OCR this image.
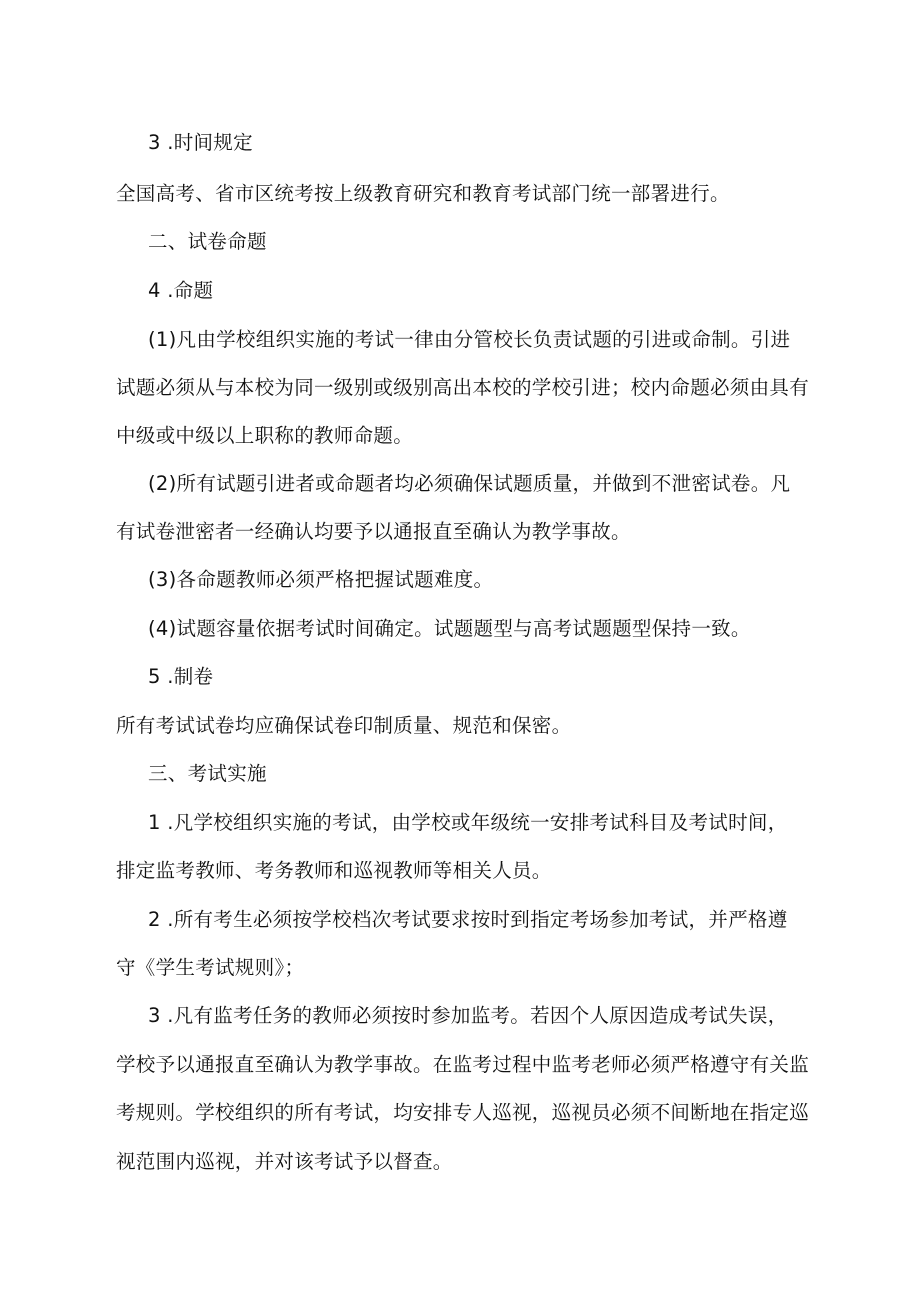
3 .时间规定
全国高考、省市区统考按上级教育研究和教育考试部门统一部署进行。
二、试卷命题
4 .命题
(1)凡由学校组织实施的考试一律由分管校长负责试题的引进或命制。引进
试题必须从与本校为同一级别或级别高出本校的学校引进；校内命题必须由具有
中级或中级以上职称的教师命题。
(2)所有试题引进者或命题者均必须确保试题质量，并做到不泄密试卷。凡
有试卷泄密者一经确认均要予以通报直至确认为教学事故。
(3)各命题教师必须严格把握试题难度。
(4)试题容量依据考试时间确定。试题题型与高考试题题型保持一致。
5 .制卷
所有考试试卷均应确保试卷印制质量、规范和保密。
三、考试实施
1 .凡学校组织实施的考试，由学校或年级统一安排考试科目及考试时间，
排定监考教师、考务教师和巡视教师等相关人员。
2 .所有考生必须按学校档次考试要求按时到指定考场参加考试，并严格遵
守《学生考试规则》；
3 .凡有监考任务的教师必须按时参加监考。若因个人原因造成考试失误，
学校予以通报直至确认为教学事故。在监考过程中监考老师必须严格遵守有关监
考规则。学校组织的所有考试，均安排专人巡视，巡视员必须不间断地在指定巡
视范围内巡视，并对该考试予以督查。
